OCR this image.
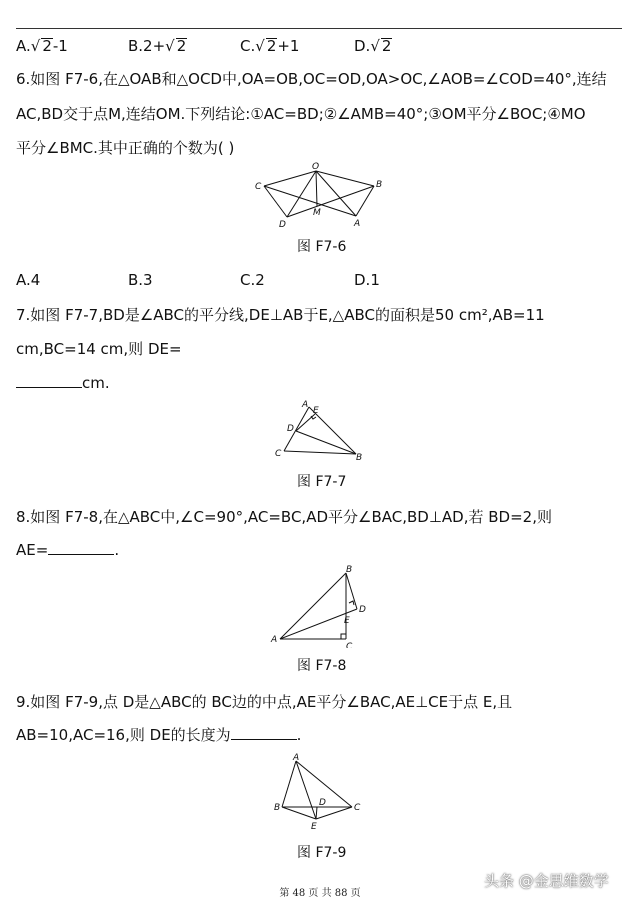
A.√ 2-1	B.2+√ 2	C.√ 2+1	D.√ 2
6.如图 F7-6,在△OAB和△OCD中,OA=OB,OC=OD,OA>OC,∠AOB=∠COD=40°,连结
AC,BD交于点M,连结OM.下列结论:①AC=BD;②∠AMB=40°;③OM平分∠BOC;④MO
平分∠BMC.其中正确的个数为( )
O
C	B
D
M
A
图 F7-6
A.4	B.3	C.2	D.1
7.如图 F7-7,BD是∠ABC的平分线,DE⊥AB于E,△ABC的面积是50 cm²,AB=11
cm,BC=14 cm,则 DE=
cm.
A
E
D
C	B
图 F7-7
8.如图 F7-8,在△ABC中,∠C=90°,AC=BC,AD平分∠BAC,BD⊥AD,若 BD=2,则
AE=	.
B
D
E
A
C
图 F7-8
9.如图 F7-9,点 D是△ABC的 BC边的中点,AE平分∠BAC,AE⊥CE于点 E,且
AB=10,AC=16,则 DE的长度为	.
A
B	D	C
E
图 F7-9
第 48 页 共 88 页
头条 @金思维数学
